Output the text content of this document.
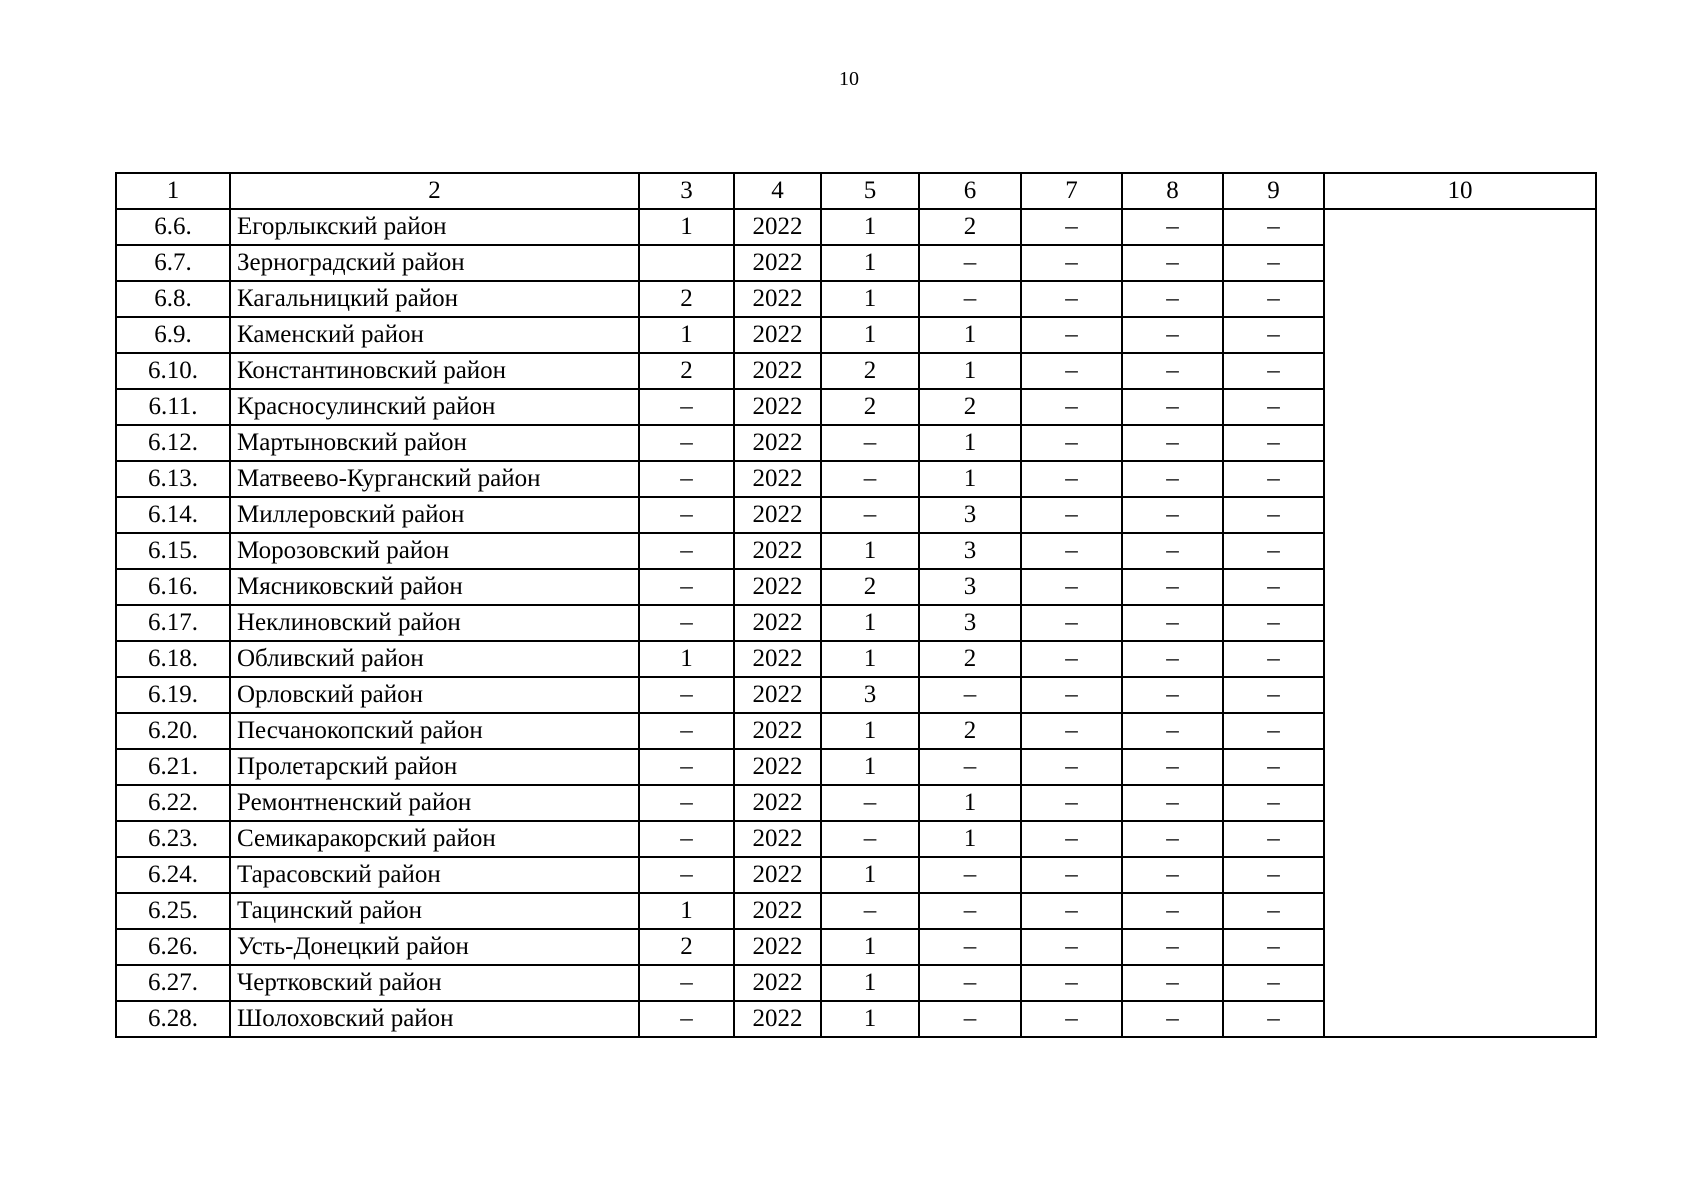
10
1	2	3	4	5	6	7	8	9	10
6.6.	Егорлыкский район	1	2022	1	2	–	–	–	
6.7.	Зерноградский район		2022	1	–	–	–	–	
6.8.	Кагальницкий район	2	2022	1	–	–	–	–	
6.9.	Каменский район	1	2022	1	1	–	–	–	
6.10.	Константиновский район	2	2022	2	1	–	–	–	
6.11.	Красносулинский район	–	2022	2	2	–	–	–	
6.12.	Мартыновский район	–	2022	–	1	–	–	–	
6.13.	Матвеево-Курганский район	–	2022	–	1	–	–	–	
6.14.	Миллеровский район	–	2022	–	3	–	–	–	
6.15.	Морозовский район	–	2022	1	3	–	–	–	
6.16.	Мясниковский район	–	2022	2	3	–	–	–	
6.17.	Неклиновский район	–	2022	1	3	–	–	–	
6.18.	Обливский район	1	2022	1	2	–	–	–	
6.19.	Орловский район	–	2022	3	–	–	–	–	
6.20.	Песчанокопский район	–	2022	1	2	–	–	–	
6.21.	Пролетарский район	–	2022	1	–	–	–	–	
6.22.	Ремонтненский район	–	2022	–	1	–	–	–	
6.23.	Семикаракорский район	–	2022	–	1	–	–	–	
6.24.	Тарасовский район	–	2022	1	–	–	–	–	
6.25.	Тацинский район	1	2022	–	–	–	–	–	
6.26.	Усть-Донецкий район	2	2022	1	–	–	–	–	
6.27.	Чертковский район	–	2022	1	–	–	–	–	
6.28.	Шолоховский район	–	2022	1	–	–	–	–	
